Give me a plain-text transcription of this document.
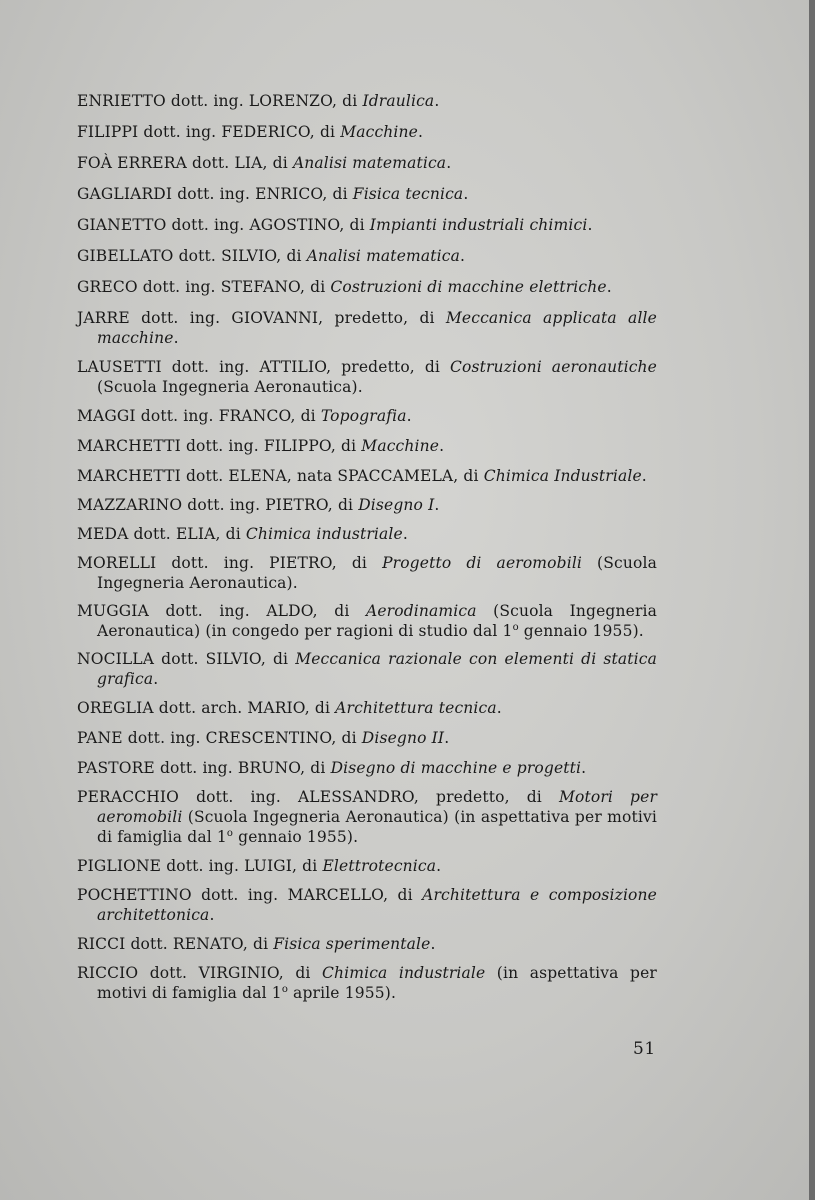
ENRIETTO dott. ing. LORENZO, di Idraulica.
FILIPPI dott. ing. FEDERICO, di Macchine.
FOÀ ERRERA dott. LIA, di Analisi matematica.
GAGLIARDI dott. ing. ENRICO, di Fisica tecnica.
GIANETTO dott. ing. AGOSTINO, di Impianti industriali chimici.
GIBELLATO dott. SILVIO, di Analisi matematica.
GRECO dott. ing. STEFANO, di Costruzioni di macchine elettriche.
JARRE dott. ing. GIOVANNI, predetto, di Meccanica applicata alle macchine.
LAUSETTI dott. ing. ATTILIO, predetto, di Costruzioni aeronautiche (Scuola Ingegneria Aeronautica).
MAGGI dott. ing. FRANCO, di Topografia.
MARCHETTI dott. ing. FILIPPO, di Macchine.
MARCHETTI dott. ELENA, nata SPACCAMELA, di Chimica Industriale.
MAZZARINO dott. ing. PIETRO, di Disegno I.
MEDA dott. ELIA, di Chimica industriale.
MORELLI dott. ing. PIETRO, di Progetto di aeromobili (Scuola Ingegneria Aeronautica).
MUGGIA dott. ing. ALDO, di Aerodinamica (Scuola Ingegneria Aeronautica) (in congedo per ragioni di studio dal 1$^o$ gennaio 1955).
NOCILLA dott. SILVIO, di Meccanica razionale con elementi di statica grafica.
OREGLIA dott. arch. MARIO, di Architettura tecnica.
PANE dott. ing. CRESCENTINO, di Disegno II.
PASTORE dott. ing. BRUNO, di Disegno di macchine e progetti.
PERACCHIO dott. ing. ALESSANDRO, predetto, di Motori per aeromobili (Scuola Ingegneria Aeronautica) (in aspettativa per motivi di famiglia dal 1$^o$ gennaio 1955).
PIGLIONE dott. ing. LUIGI, di Elettrotecnica.
POCHETTINO dott. ing. MARCELLO, di Architettura e composizione architettonica.
RICCI dott. RENATO, di Fisica sperimentale.
RICCIO dott. VIRGINIO, di Chimica industriale (in aspettativa per motivi di famiglia dal 1$^o$ aprile 1955).
51
